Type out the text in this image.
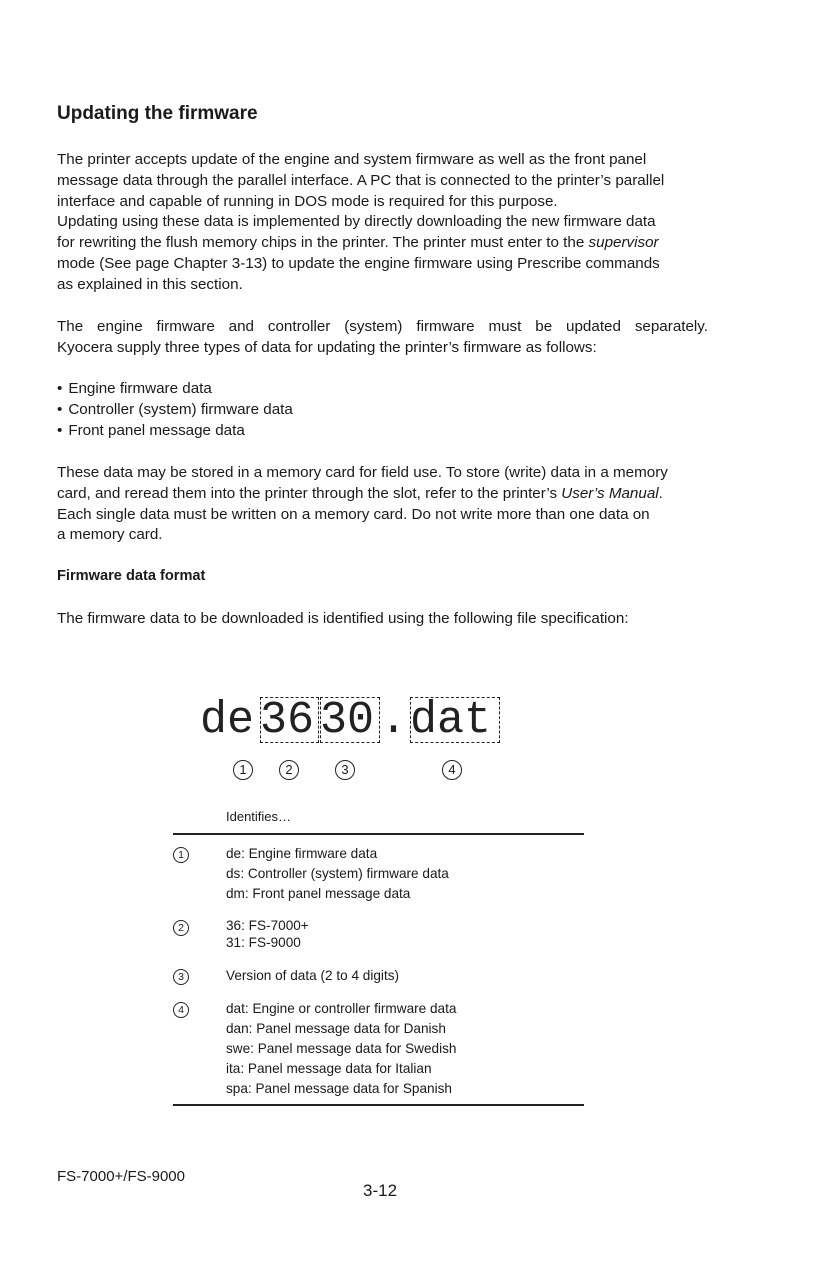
Updating the firmware
The printer accepts update of the engine and system firmware as well as the front panel
message data through the parallel interface. A PC that is connected to the printer’s parallel
interface and capable of running in DOS mode is required for this purpose.
Updating using these data is implemented by directly downloading the new firmware data
for rewriting the flush memory chips in the printer. The printer must enter to the supervisor
mode (See page Chapter 3-13) to update the engine firmware using Prescribe commands
as explained in this section.
The engine firmware and controller (system) firmware must be updated separately.
Kyocera supply three types of data for updating the printer’s firmware as follows:
• Engine firmware data
• Controller (system) firmware data
• Front panel message data
These data may be stored in a memory card for field use. To store (write) data in a memory
card, and reread them into the printer through the slot, refer to the printer’s User’s Manual.
Each single data must be written on a memory card. Do not write more than one data on
a memory card.
Firmware data format
The firmware data to be downloaded is identified using the following file specification:
de 36 30 . dat
1	2	3	4
Identifies…
1	de: Engine firmware data
ds: Controller (system) firmware data
dm: Front panel message data
2	36: FS-7000+
31: FS-9000
3	Version of data (2 to 4 digits)
4	dat: Engine or controller firmware data
dan: Panel message data for Danish
swe: Panel message data for Swedish
ita: Panel message data for Italian
spa: Panel message data for Spanish
FS-7000+/FS-9000
3-12
